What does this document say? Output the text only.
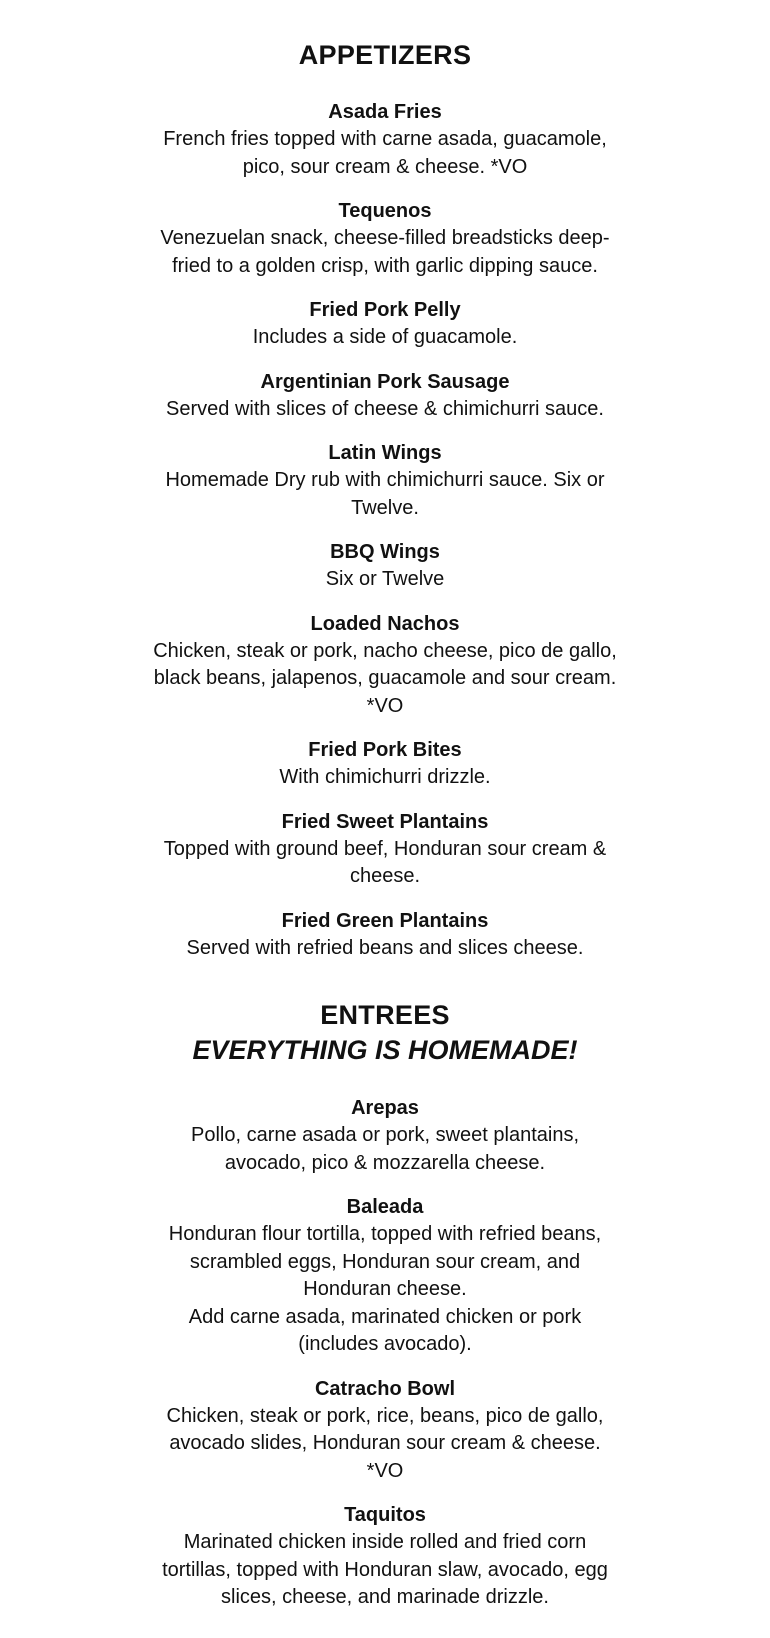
APPETIZERS
Asada Fries
French fries topped with carne asada, guacamole, pico, sour cream & cheese. *VO
Tequenos
Venezuelan snack, cheese-filled breadsticks deep-fried to a golden crisp, with garlic dipping sauce.
Fried Pork Pelly
Includes a side of guacamole.
Argentinian Pork Sausage
Served with slices of cheese & chimichurri sauce.
Latin Wings
Homemade Dry rub with chimichurri sauce. Six or Twelve.
BBQ Wings
Six or Twelve
Loaded Nachos
Chicken, steak or pork, nacho cheese, pico de gallo, black beans, jalapenos, guacamole and sour cream. *VO
Fried Pork Bites
With chimichurri drizzle.
Fried Sweet Plantains
Topped with ground beef, Honduran sour cream & cheese.
Fried Green Plantains
Served with refried beans and slices cheese.
ENTREES
EVERYTHING IS HOMEMADE!
Arepas
Pollo, carne asada or pork, sweet plantains, avocado, pico & mozzarella cheese.
Baleada
Honduran flour tortilla, topped with refried beans, scrambled eggs, Honduran sour cream, and Honduran cheese.
Add carne asada, marinated chicken or pork (includes avocado).
Catracho Bowl
Chicken, steak or pork, rice, beans, pico de gallo, avocado slides, Honduran sour cream & cheese. *VO
Taquitos
Marinated chicken inside rolled and fried corn tortillas, topped with Honduran slaw, avocado, egg slices, cheese, and marinade drizzle.
